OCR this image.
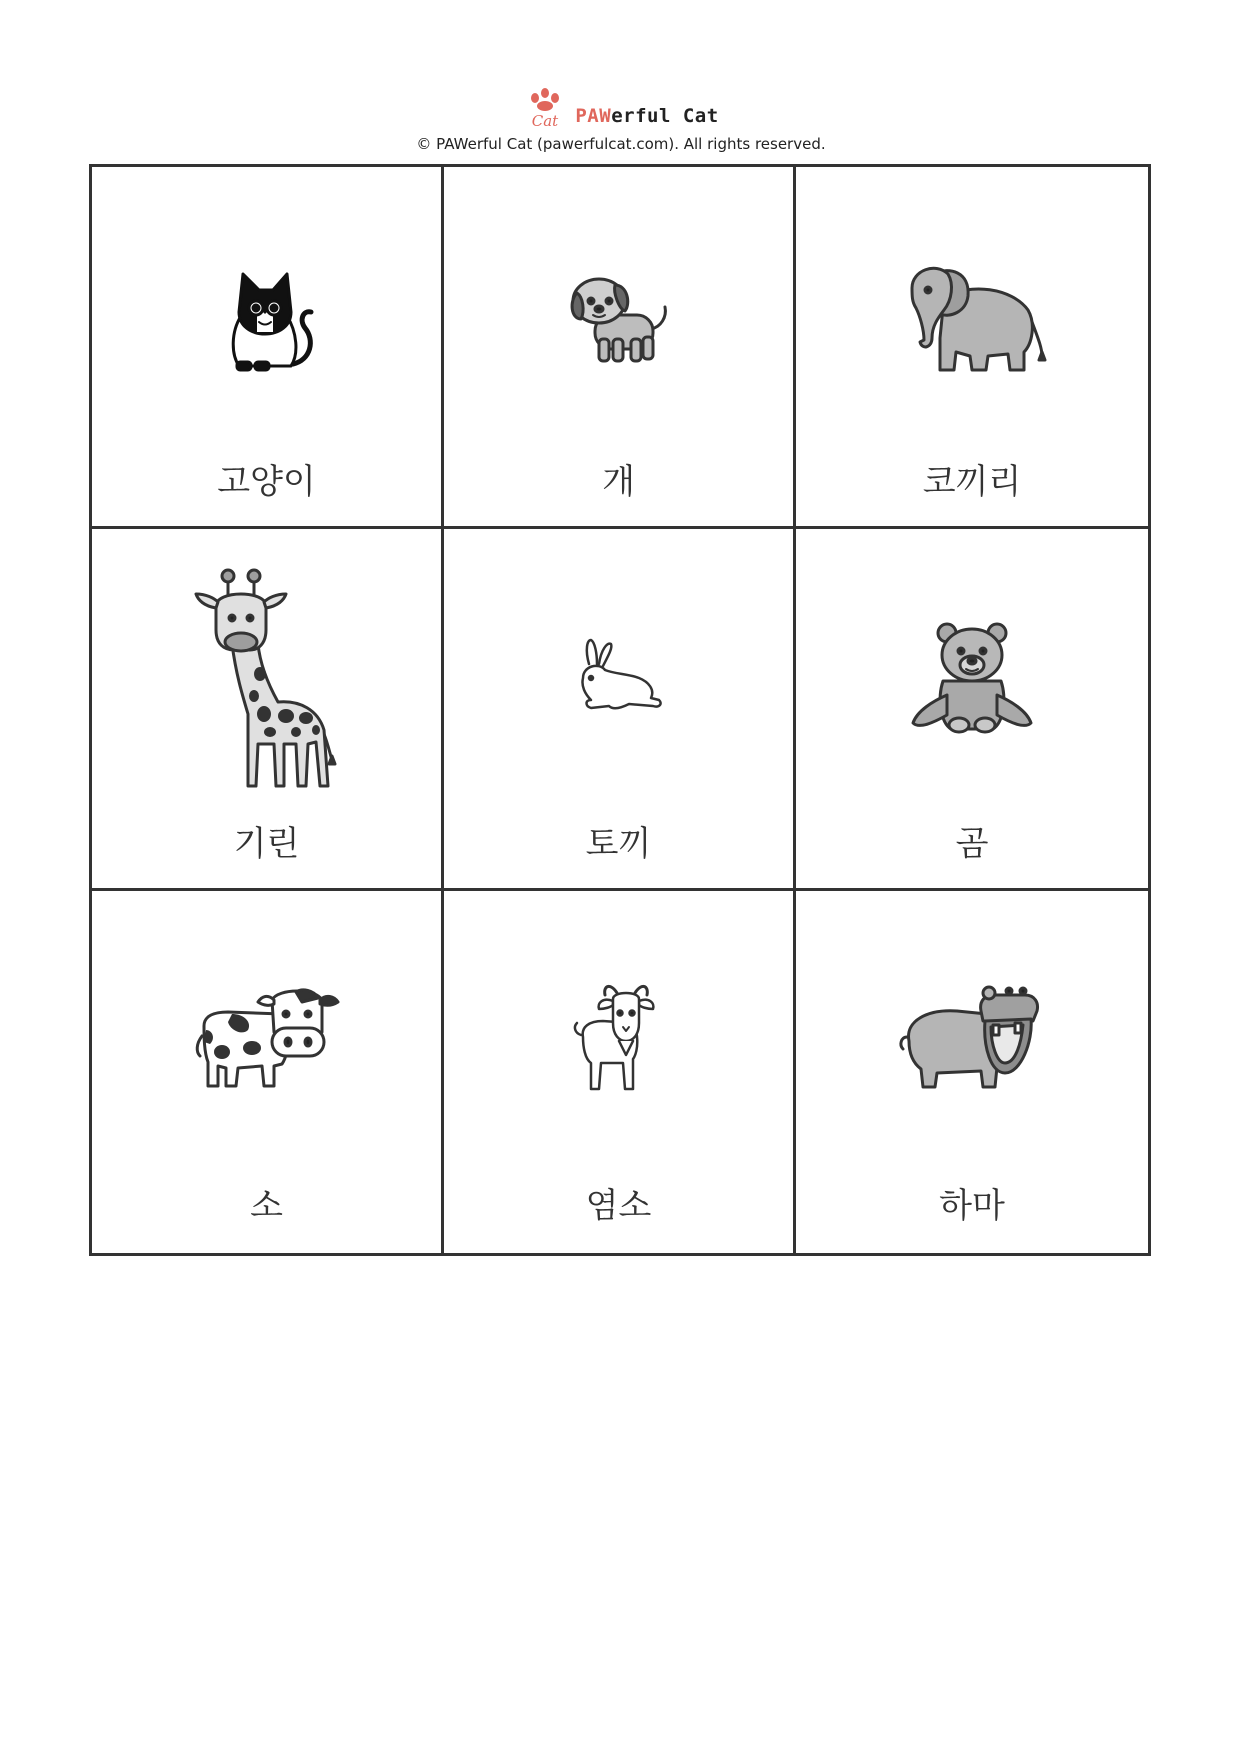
Cat PAWerful Cat
© PAWerful Cat (pawerfulcat.com). All rights reserved.
고양이	개	코끼리
기린	토끼	곰
소	염소	하마
